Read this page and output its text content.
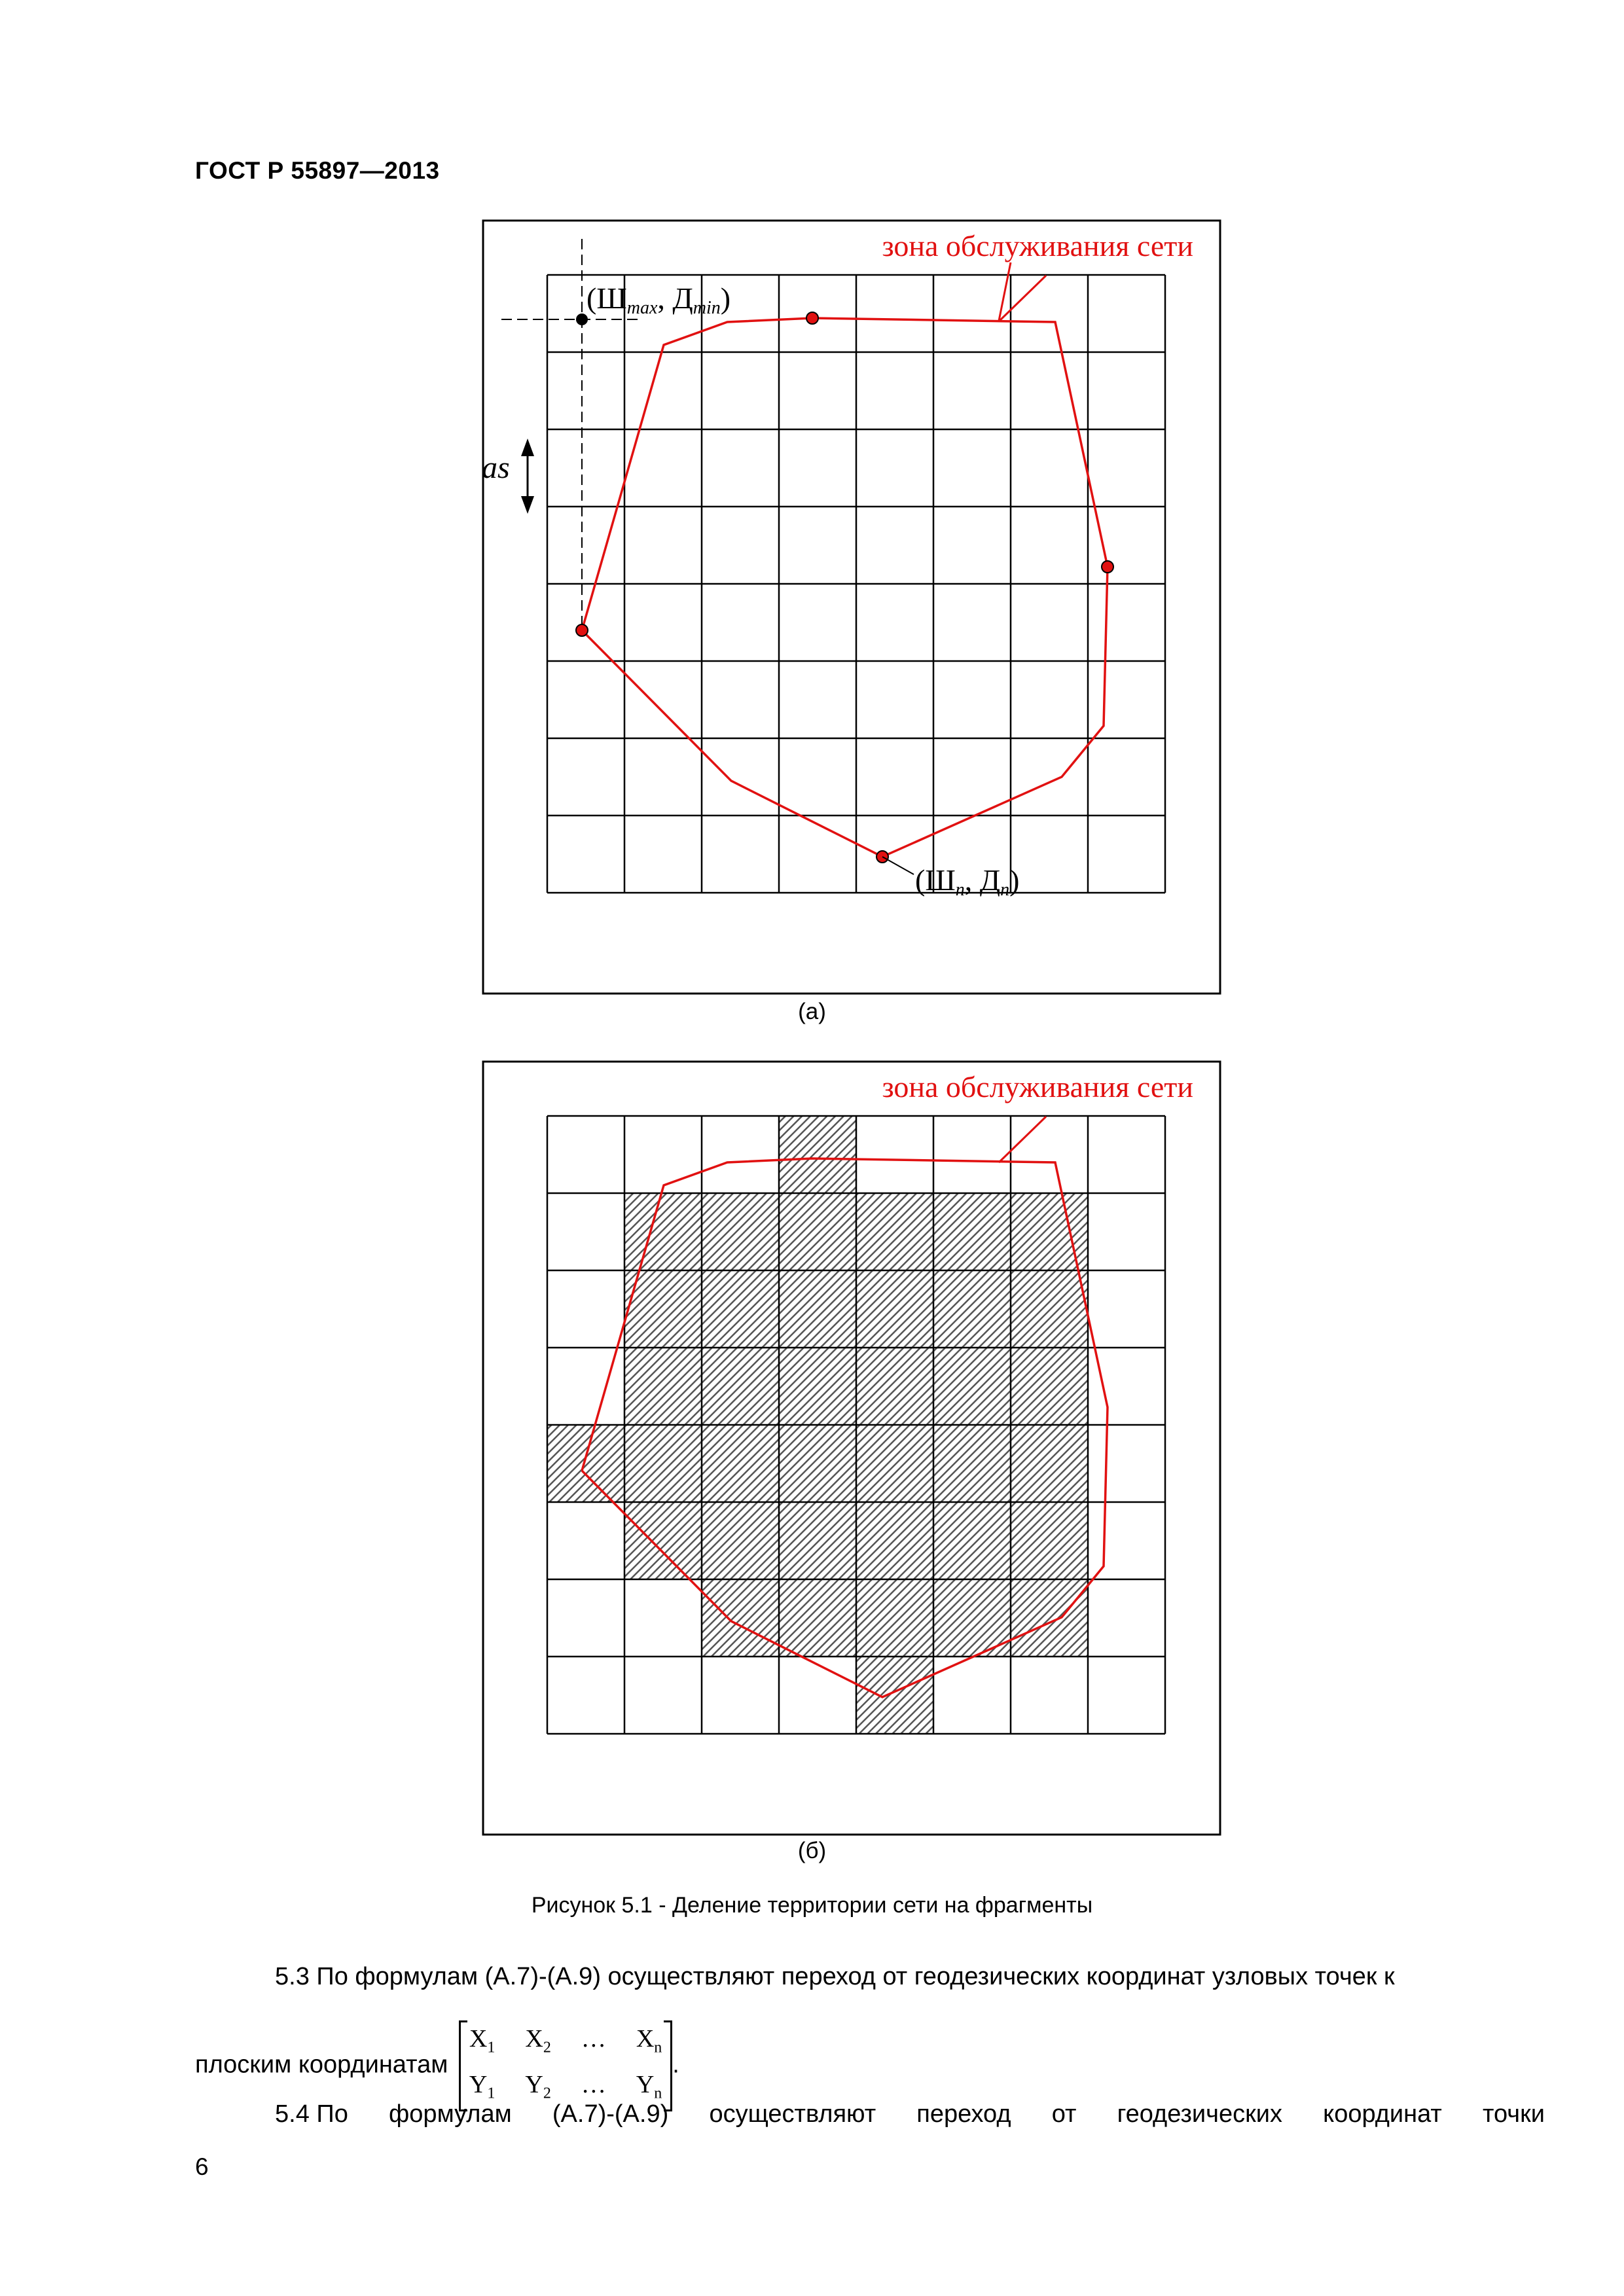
ГОСТ Р 55897—2013
зона обслуживания сети
as
(Шmax, Дmin)
(Шn, Дn)
(а)
зона обслуживания сети
(б)
Рисунок 5.1 - Деление территории сети на фрагменты
5.3 По формулам (А.7)-(А.9) осуществляют переход от геодезических координат узловых точек к
плоским координатам
$X_1$ $X_2$ … $X_n$
$Y_1$ $Y_2$ … $Y_n$
.
5.4 По формулам (А.7)-(А.9) осуществляют переход от геодезических координат точки
6
